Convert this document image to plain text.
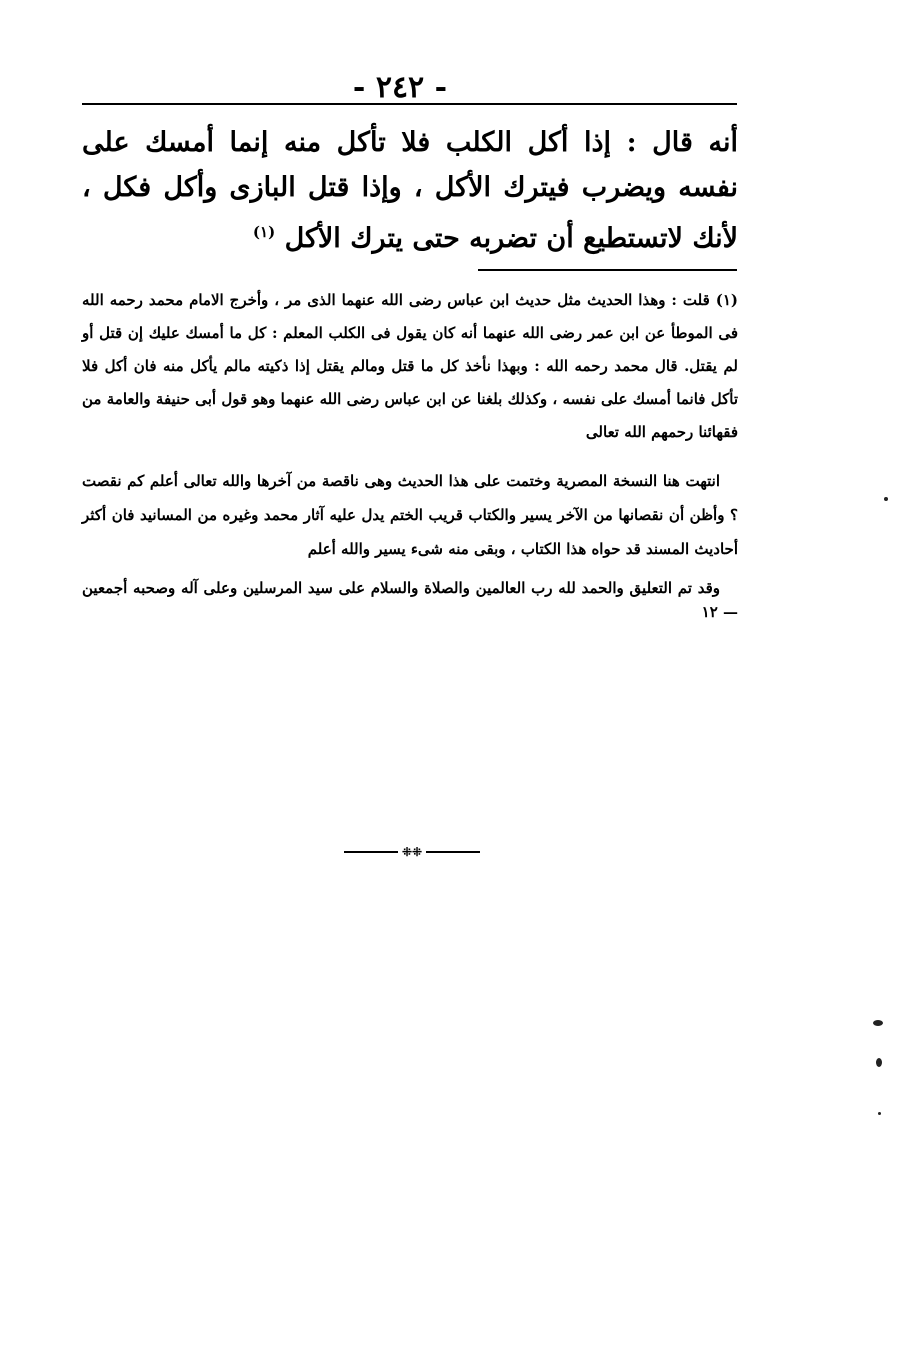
- ٢٤٢ -

أنه قال : إذا أكل الكلب فلا تأكل منه إنما أمسك على نفسه ويضرب فيترك الأكل ، وإذا قتل البازى وأكل فكل ، لأنك لاتستطيع أن تضربه حتى يترك الأكل $^{(١)}$

(١) قلت : وهذا الحديث مثل حديث ابن عباس رضى الله عنهما الذى مر ، وأخرج الامام محمد رحمه الله فى الموطأ عن ابن عمر رضى الله عنهما أنه كان يقول فى الكلب المعلم : كل ما أمسك عليك إن قتل أو لم يقتل. قال محمد رحمه الله : وبهذا نأخذ كل ما قتل ومالم يقتل إذا ذكيته مالم يأكل منه فان أكل فلا تأكل فانما أمسك على نفسه ، وكذلك بلغنا عن ابن عباس رضى الله عنهما وهو قول أبى حنيفة والعامة من فقهائنا رحمهم الله تعالى

انتهت هنا النسخة المصرية وختمت على هذا الحديث وهى ناقصة من آخرها والله تعالى أعلم كم نقصت ؟ وأظن أن نقصانها من الآخر يسير والكتاب قريب الختم يدل عليه آثار محمد وغيره من المسانيد فان أكثر أحاديث المسند قد حواه هذا الكتاب ، وبقى منه شىء يسير والله أعلم

وقد تم التعليق والحمد لله رب العالمين والصلاة والسلام على سيد المرسلين وعلى آله وصحبه أجمعين — ١٢
⁜⁜
